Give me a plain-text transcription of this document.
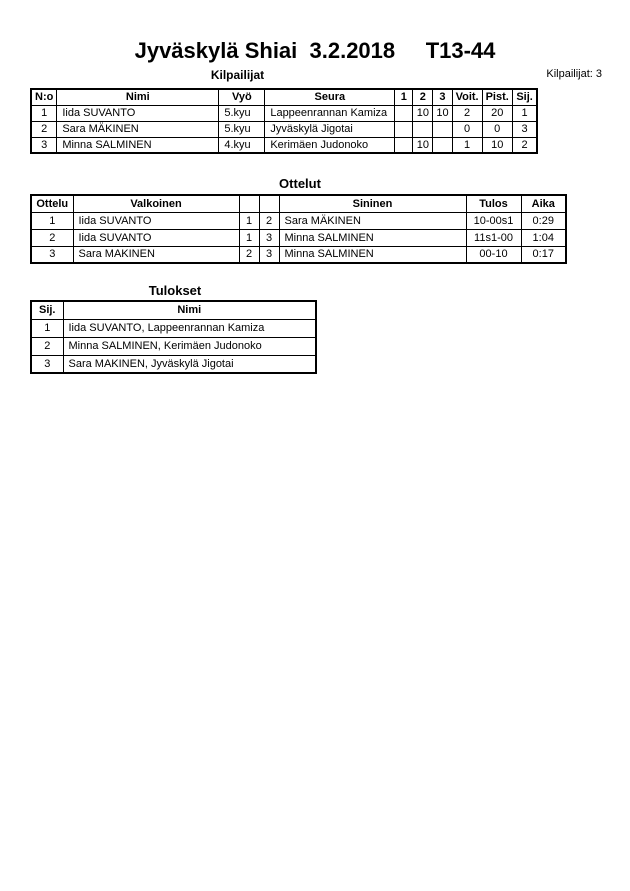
Jyväskylä Shiai  3.2.2018     T13-44
Kilpailijat	Kilpailijat: 3
N:o	Nimi	Vyö	Seura	1	2	3	Voit.	Pist.	Sij.
1	Iida SUVANTO	5.kyu	Lappeenrannan Kamiza		10	10	2	20	1
2	Sara MÄKINEN	5.kyu	Jyväskylä Jigotai				0	0	3
3	Minna SALMINEN	4.kyu	Kerimäen Judonoko		10		1	10	2
Ottelut
Ottelu	Valkoinen			Sininen	Tulos	Aika
1	Iida SUVANTO	1	2	Sara MÄKINEN	10-00s1	0:29
2	Iida SUVANTO	1	3	Minna SALMINEN	11s1-00	1:04
3	Sara MAKINEN	2	3	Minna SALMINEN	00-10	0:17
Tulokset
Sij.	Nimi
1	Iida SUVANTO, Lappeenrannan Kamiza
2	Minna SALMINEN, Kerimäen Judonoko
3	Sara MAKINEN, Jyväskylä Jigotai
